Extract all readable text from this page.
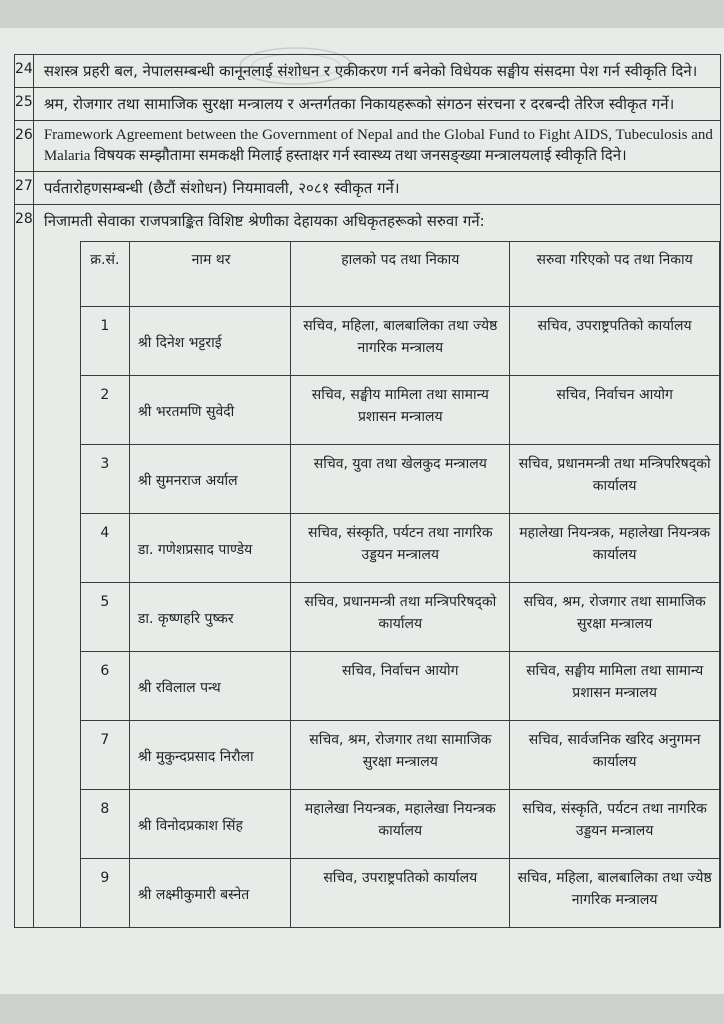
24	सशस्त्र प्रहरी बल, नेपालसम्बन्धी कानूनलाई संशोधन र एकीकरण गर्न बनेको विधेयक सङ्घीय संसदमा पेश गर्न स्वीकृति दिने।
25	श्रम, रोजगार तथा सामाजिक सुरक्षा मन्त्रालय र अन्तर्गतका निकायहरूको संगठन संरचना र दरबन्दी तेरिज स्वीकृत गर्ने।
26	Framework Agreement between the Government of Nepal and the Global Fund to Fight AIDS, Tubeculosis and Malaria विषयक सम्झौतामा समकक्षी मिलाई हस्ताक्षर गर्न स्वास्थ्य तथा जनसङ्ख्या मन्त्रालयलाई स्वीकृति दिने।
27	पर्वतारोहणसम्बन्धी (छैटौं संशोधन) नियमावली, २०८१ स्वीकृत गर्ने।
28	निजामती सेवाका राजपत्राङ्कित विशिष्ट श्रेणीका देहायका अधिकृतहरूको सरुवा गर्ने:
क्र.सं.	नाम थर	हालको पद तथा निकाय	सरुवा गरिएको पद तथा निकाय
1	श्री दिनेश भट्टराई	सचिव, महिला, बालबालिका तथा ज्येष्ठ नागरिक मन्त्रालय	सचिव, उपराष्ट्रपतिको कार्यालय
2	श्री भरतमणि सुवेदी	सचिव, सङ्घीय मामिला तथा सामान्य प्रशासन मन्त्रालय	सचिव, निर्वाचन आयोग
3	श्री सुमनराज अर्याल	सचिव, युवा तथा खेलकुद मन्त्रालय	सचिव, प्रधानमन्त्री तथा मन्त्रिपरिषद्को कार्यालय
4	डा. गणेशप्रसाद पाण्डेय	सचिव, संस्कृति, पर्यटन तथा नागरिक उड्डयन मन्त्रालय	महालेखा नियन्त्रक, महालेखा नियन्त्रक कार्यालय
5	डा. कृष्णहरि पुष्कर	सचिव, प्रधानमन्त्री तथा मन्त्रिपरिषद्को कार्यालय	सचिव, श्रम, रोजगार तथा सामाजिक सुरक्षा मन्त्रालय
6	श्री रविलाल पन्थ	सचिव, निर्वाचन आयोग	सचिव, सङ्घीय मामिला तथा सामान्य प्रशासन मन्त्रालय
7	श्री मुकुन्दप्रसाद निरौला	सचिव, श्रम, रोजगार तथा सामाजिक सुरक्षा मन्त्रालय	सचिव, सार्वजनिक खरिद अनुगमन कार्यालय
8	श्री विनोदप्रकाश सिंह	महालेखा नियन्त्रक, महालेखा नियन्त्रक कार्यालय	सचिव, संस्कृति, पर्यटन तथा नागरिक उड्डयन मन्त्रालय
9	श्री लक्ष्मीकुमारी बस्नेत	सचिव, उपराष्ट्रपतिको कार्यालय	सचिव, महिला, बालबालिका तथा ज्येष्ठ नागरिक मन्त्रालय
